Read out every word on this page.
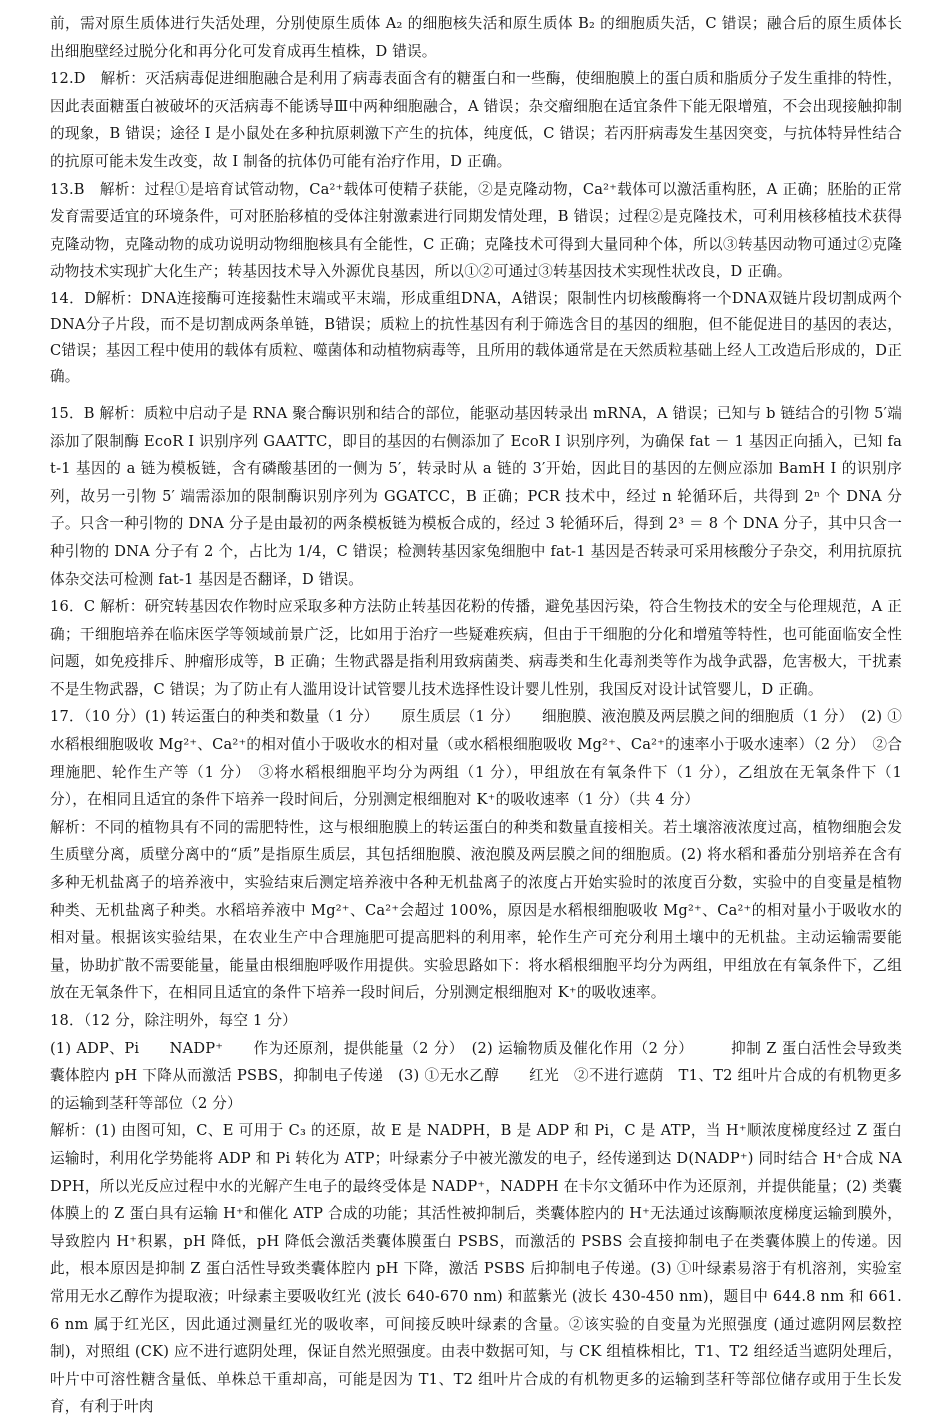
前，需对原生质体进行失活处理，分别使原生质体 A₂ 的细胞核失活和原生质体 B₂ 的细胞质失活，C 错误；融合后的原生质体长出细胞壁经过脱分化和再分化可发育成再生植株，D 错误。

12.D　解析：灭活病毒促进细胞融合是利用了病毒表面含有的糖蛋白和一些酶，使细胞膜上的蛋白质和脂质分子发生重排的特性，因此表面糖蛋白被破坏的灭活病毒不能诱导Ⅲ中两种细胞融合，A 错误；杂交瘤细胞在适宜条件下能无限增殖，不会出现接触抑制的现象，B 错误；途径 I 是小鼠处在多种抗原刺激下产生的抗体，纯度低，C 错误；若丙肝病毒发生基因突变，与抗体特异性结合的抗原可能未发生改变，故 I 制备的抗体仍可能有治疗作用，D 正确。

13.B　解析：过程①是培育试管动物，Ca²⁺载体可使精子获能，②是克隆动物，Ca²⁺载体可以激活重构胚，A 正确；胚胎的正常发育需要适宜的环境条件，可对胚胎移植的受体注射激素进行同期发情处理，B 错误；过程②是克隆技术，可利用核移植技术获得克隆动物，克隆动物的成功说明动物细胞核具有全能性，C 正确；克隆技术可得到大量同种个体，所以③转基因动物可通过②克隆动物技术实现扩大化生产；转基因技术导入外源优良基因，所以①②可通过③转基因技术实现性状改良，D 正确。

14．D解析：DNA连接酶可连接黏性末端或平末端，形成重组DNA，A错误；限制性内切核酸酶将一个DNA双链片段切割成两个DNA分子片段，而不是切割成两条单链，B错误；质粒上的抗性基因有利于筛选含目的基因的细胞，但不能促进目的基因的表达，C错误；基因工程中使用的载体有质粒、噬菌体和动植物病毒等，且所用的载体通常是在天然质粒基础上经人工改造后形成的，D正确。

15．B 解析：质粒中启动子是 RNA 聚合酶识别和结合的部位，能驱动基因转录出 mRNA，A 错误；已知与 b 链结合的引物 5′端添加了限制酶 EcoR I 识别序列 GAATTC，即目的基因的右侧添加了 EcoR I 识别序列，为确保 fat － 1 基因正向插入，已知 fat-1 基因的 a 链为模板链，含有磷酸基团的一侧为 5′，转录时从 a 链的 3′开始，因此目的基因的左侧应添加 BamH I 的识别序列，故另一引物 5′ 端需添加的限制酶识别序列为 GGATCC，B 正确；PCR 技术中，经过 n 轮循环后，共得到 2ⁿ 个 DNA 分子。只含一种引物的 DNA 分子是由最初的两条模板链为模板合成的，经过 3 轮循环后，得到 2³ ＝ 8 个 DNA 分子，其中只含一种引物的 DNA 分子有 2 个，占比为 1/4，C 错误；检测转基因家兔细胞中 fat-1 基因是否转录可采用核酸分子杂交，利用抗原抗体杂交法可检测 fat-1 基因是否翻译，D 错误。

16．C 解析：研究转基因农作物时应采取多种方法防止转基因花粉的传播，避免基因污染，符合生物技术的安全与伦理规范，A 正确；干细胞培养在临床医学等领域前景广泛，比如用于治疗一些疑难疾病，但由于干细胞的分化和增殖等特性，也可能面临安全性问题，如免疫排斥、肿瘤形成等，B 正确；生物武器是指利用致病菌类、病毒类和生化毒剂类等作为战争武器，危害极大，干扰素不是生物武器，C 错误；为了防止有人滥用设计试管婴儿技术选择性设计婴儿性别，我国反对设计试管婴儿，D 正确。

17．（10 分）(1) 转运蛋白的种类和数量（1 分）　　原生质层（1 分）　　细胞膜、液泡膜及两层膜之间的细胞质（1 分）　(2) ①水稻根细胞吸收 Mg²⁺、Ca²⁺的相对值小于吸收水的相对量（或水稻根细胞吸收 Mg²⁺、Ca²⁺的速率小于吸水速率）（2 分）　②合理施肥、轮作生产等（1 分）　③将水稻根细胞平均分为两组（1 分），甲组放在有氧条件下（1 分），乙组放在无氧条件下（1 分），在相同且适宜的条件下培养一段时间后，分别测定根细胞对 K⁺的吸收速率（1 分）（共 4 分）

解析：不同的植物具有不同的需肥特性，这与根细胞膜上的转运蛋白的种类和数量直接相关。若土壤溶液浓度过高，植物细胞会发生质壁分离，质壁分离中的“质”是指原生质层，其包括细胞膜、液泡膜及两层膜之间的细胞质。(2) 将水稻和番茄分别培养在含有多种无机盐离子的培养液中，实验结束后测定培养液中各种无机盐离子的浓度占开始实验时的浓度百分数，实验中的自变量是植物种类、无机盐离子种类。水稻培养液中 Mg²⁺、Ca²⁺会超过 100%，原因是水稻根细胞吸收 Mg²⁺、Ca²⁺的相对量小于吸收水的相对量。根据该实验结果，在农业生产中合理施肥可提高肥料的利用率，轮作生产可充分利用土壤中的无机盐。主动运输需要能量，协助扩散不需要能量，能量由根细胞呼吸作用提供。实验思路如下：将水稻根细胞平均分为两组，甲组放在有氧条件下，乙组放在无氧条件下，在相同且适宜的条件下培养一段时间后，分别测定根细胞对 K⁺的吸收速率。

18．（12 分，除注明外，每空 1 分）

(1) ADP、Pi　　NADP⁺　　作为还原剂，提供能量（2 分）　(2) 运输物质及催化作用（2 分）　　　抑制 Z 蛋白活性会导致类囊体腔内 pH 下降从而激活 PSBS，抑制电子传递　(3) ①无水乙醇　　红光　②不进行遮荫　T1、T2 组叶片合成的有机物更多的运输到茎秆等部位（2 分）

解析：(1) 由图可知，C、E 可用于 C₃ 的还原，故 E 是 NADPH，B 是 ADP 和 Pi，C 是 ATP，当 H⁺顺浓度梯度经过 Z 蛋白运输时，利用化学势能将 ADP 和 Pi 转化为 ATP；叶绿素分子中被光激发的电子，经传递到达 D(NADP⁺) 同时结合 H⁺合成 NADPH，所以光反应过程中水的光解产生电子的最终受体是 NADP⁺，NADPH 在卡尔文循环中作为还原剂，并提供能量；(2) 类囊体膜上的 Z 蛋白具有运输 H⁺和催化 ATP 合成的功能；其活性被抑制后，类囊体腔内的 H⁺无法通过该酶顺浓度梯度运输到膜外，导致腔内 H⁺积累，pH 降低，pH 降低会激活类囊体膜蛋白 PSBS，而激活的 PSBS 会直接抑制电子在类囊体膜上的传递。因此，根本原因是抑制 Z 蛋白活性导致类囊体腔内 pH 下降，激活 PSBS 后抑制电子传递。(3) ①叶绿素易溶于有机溶剂，实验室常用无水乙醇作为提取液；叶绿素主要吸收红光 (波长 640-670 nm) 和蓝紫光 (波长 430-450 nm)，题目中 644.8 nm 和 661.6 nm 属于红光区，因此通过测量红光的吸收率，可间接反映叶绿素的含量。②该实验的自变量为光照强度 (通过遮阴网层数控制)，对照组 (CK) 应不进行遮阴处理，保证自然光照强度。由表中数据可知，与 CK 组植株相比，T1、T2 组经适当遮阴处理后，叶片中可溶性糖含量低、单株总干重却高，可能是因为 T1、T2 组叶片合成的有机物更多的运输到茎秆等部位储存或用于生长发育，有利于叶肉
